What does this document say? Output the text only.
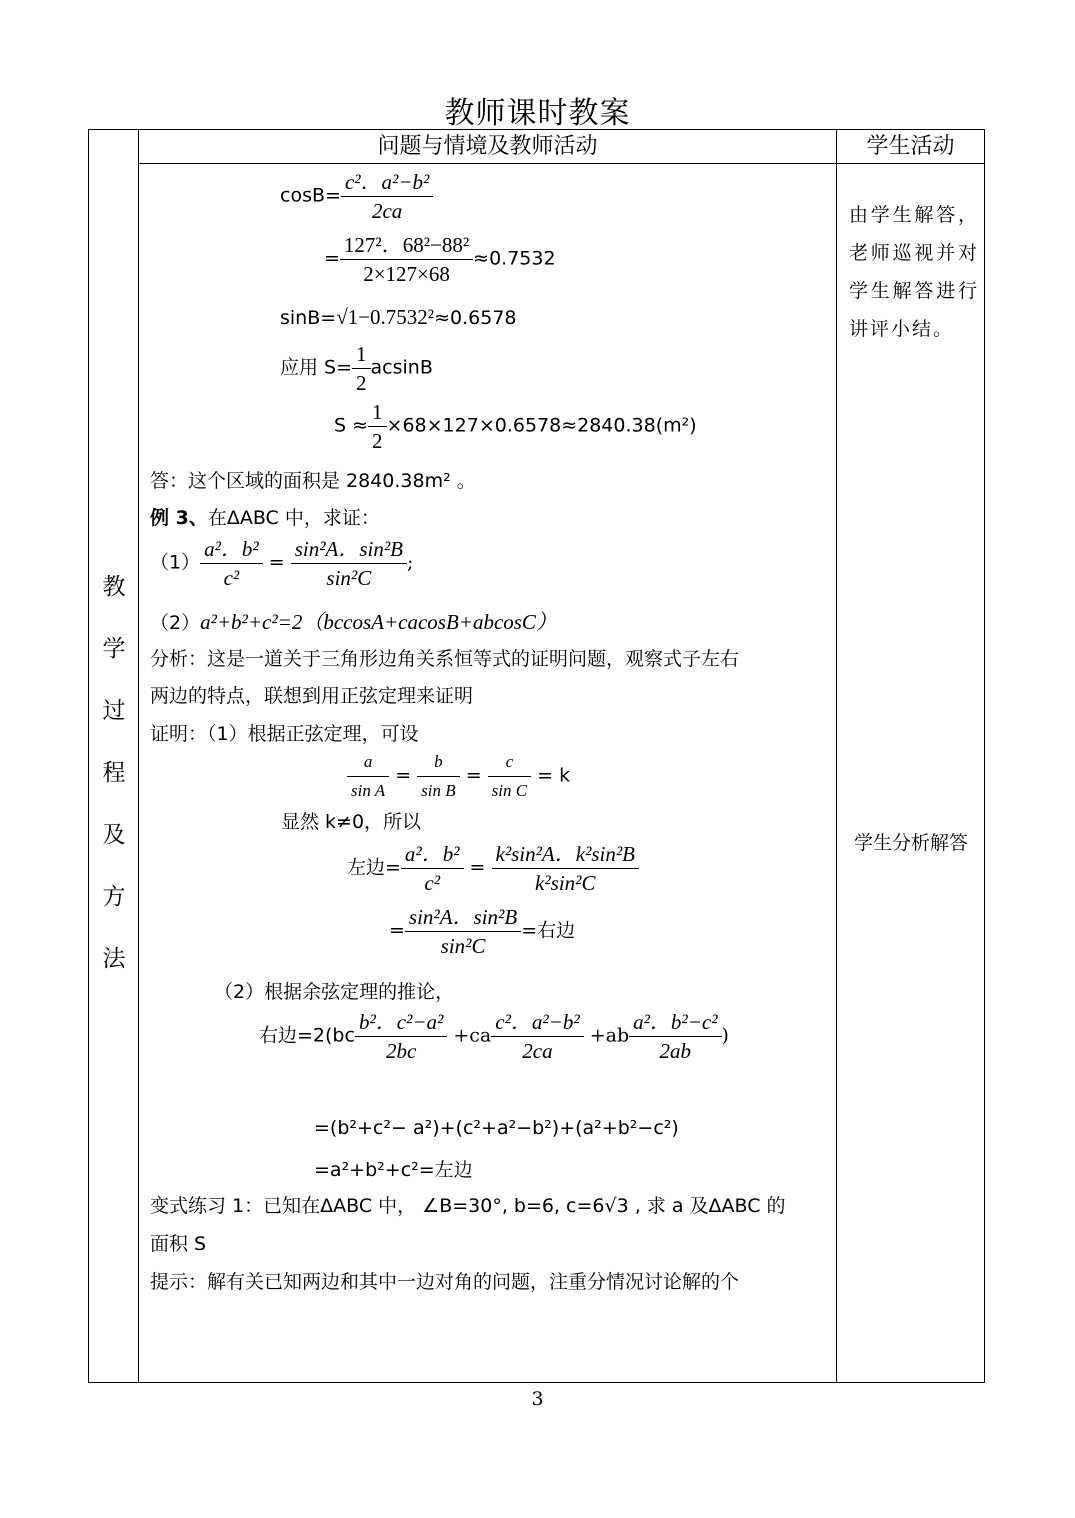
教师课时教案
问题与情境及教师活动	学生活动
教
学
过
程
及
方
法
由学生解答，老师巡视并对学生解答进行讲评小结。
学生分析解答
$\cos B= \frac{\text{c²．a²−b²}}{2ca}$
= $\frac{\text{127²．68²−88²}}{2\times 127\times 68} \approx 0.7532$
sinB=√1−0.7532²≈0.6578
应用 $S= \frac{1}{2}$ acsinB
$S \approx \frac{1}{2} \times 68\times 127\times 0.6578\approx 2840.38(m^2)$
答：这个区域的面积是 2840.38m² 。
例 3、在ΔABC 中，求证：
$(1) \frac{\text{a²．b²}}{\text{c²}} = \frac{\text{sin²A．sin²B}}{\text{sin²C}}$ ;
（2）a²+b²+c²=2（bccosA+cacosB+abcosC）
分析：这是一道关于三角形边角关系恒等式的证明问题，观察式子左右
两边的特点，联想到用正弦定理来证明
证明：（1）根据正弦定理，可设
$\frac{a}{\text{sin A}} = \frac{b}{\text{sin B}} = \frac{c}{\text{sin C}} = k$
显然 k≠0，所以
左边= $\frac{\text{a²．b²}}{\text{c²}} = \frac{\text{k²sin²A．k²sin²B}}{\text{k²sin²C}}$
= $\frac{\text{sin²A．sin²B}}{\text{sin²C}}$ =右边
（2）根据余弦定理的推论，
右边$=2(bc \frac{\text{b²．c²−a²}}{2bc} +ca \frac{\text{c²．a²−b²}}{2ca} +ab \frac{\text{a²．b²−c²}}{2ab}$ )
=(b²+c²− a²)+(c²+a²−b²)+(a²+b²−c²)
=a²+b²+c²=左边
变式练习 1：已知在ΔABC 中， ∠B=30°, b=6, c=6√3 , 求 a 及ΔABC 的
面积 S
提示：解有关已知两边和其中一边对角的问题，注重分情况讨论解的个
3
